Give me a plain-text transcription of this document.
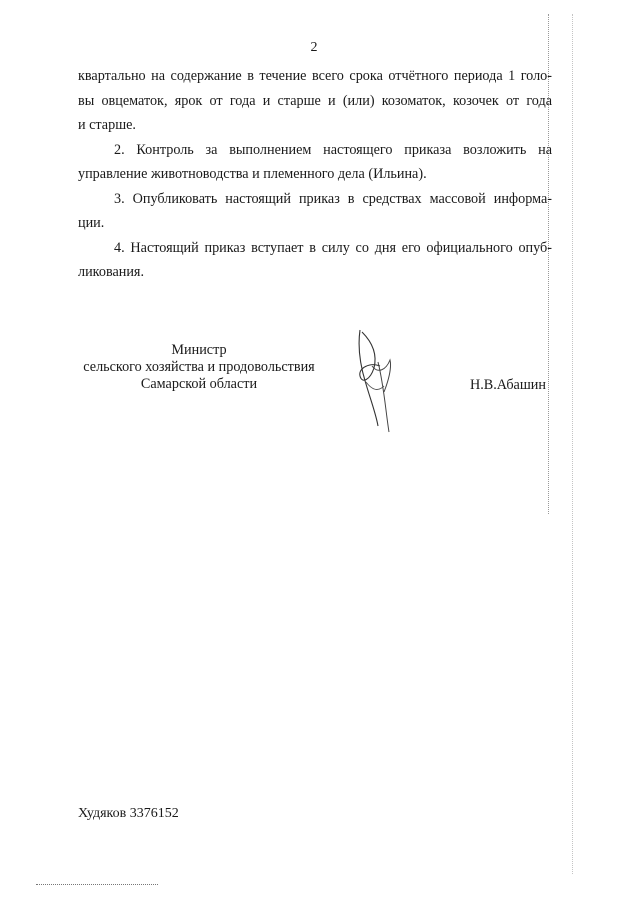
2
квартально на содержание в течение всего срока отчётного периода 1 голо-
вы овцематок, ярок от года и старше и (или) козоматок, козочек от года
и старше.
2. Контроль за выполнением настоящего приказа возложить на
управление животноводства и племенного дела (Ильина).
3. Опубликовать настоящий приказ в средствах массовой информа-
ции.
4. Настоящий приказ вступает в силу со дня его официального опуб-
ликования.
Министр
сельского хозяйства и продовольствия
Самарской области	Н.В.Абашин
Худяков 3376152
